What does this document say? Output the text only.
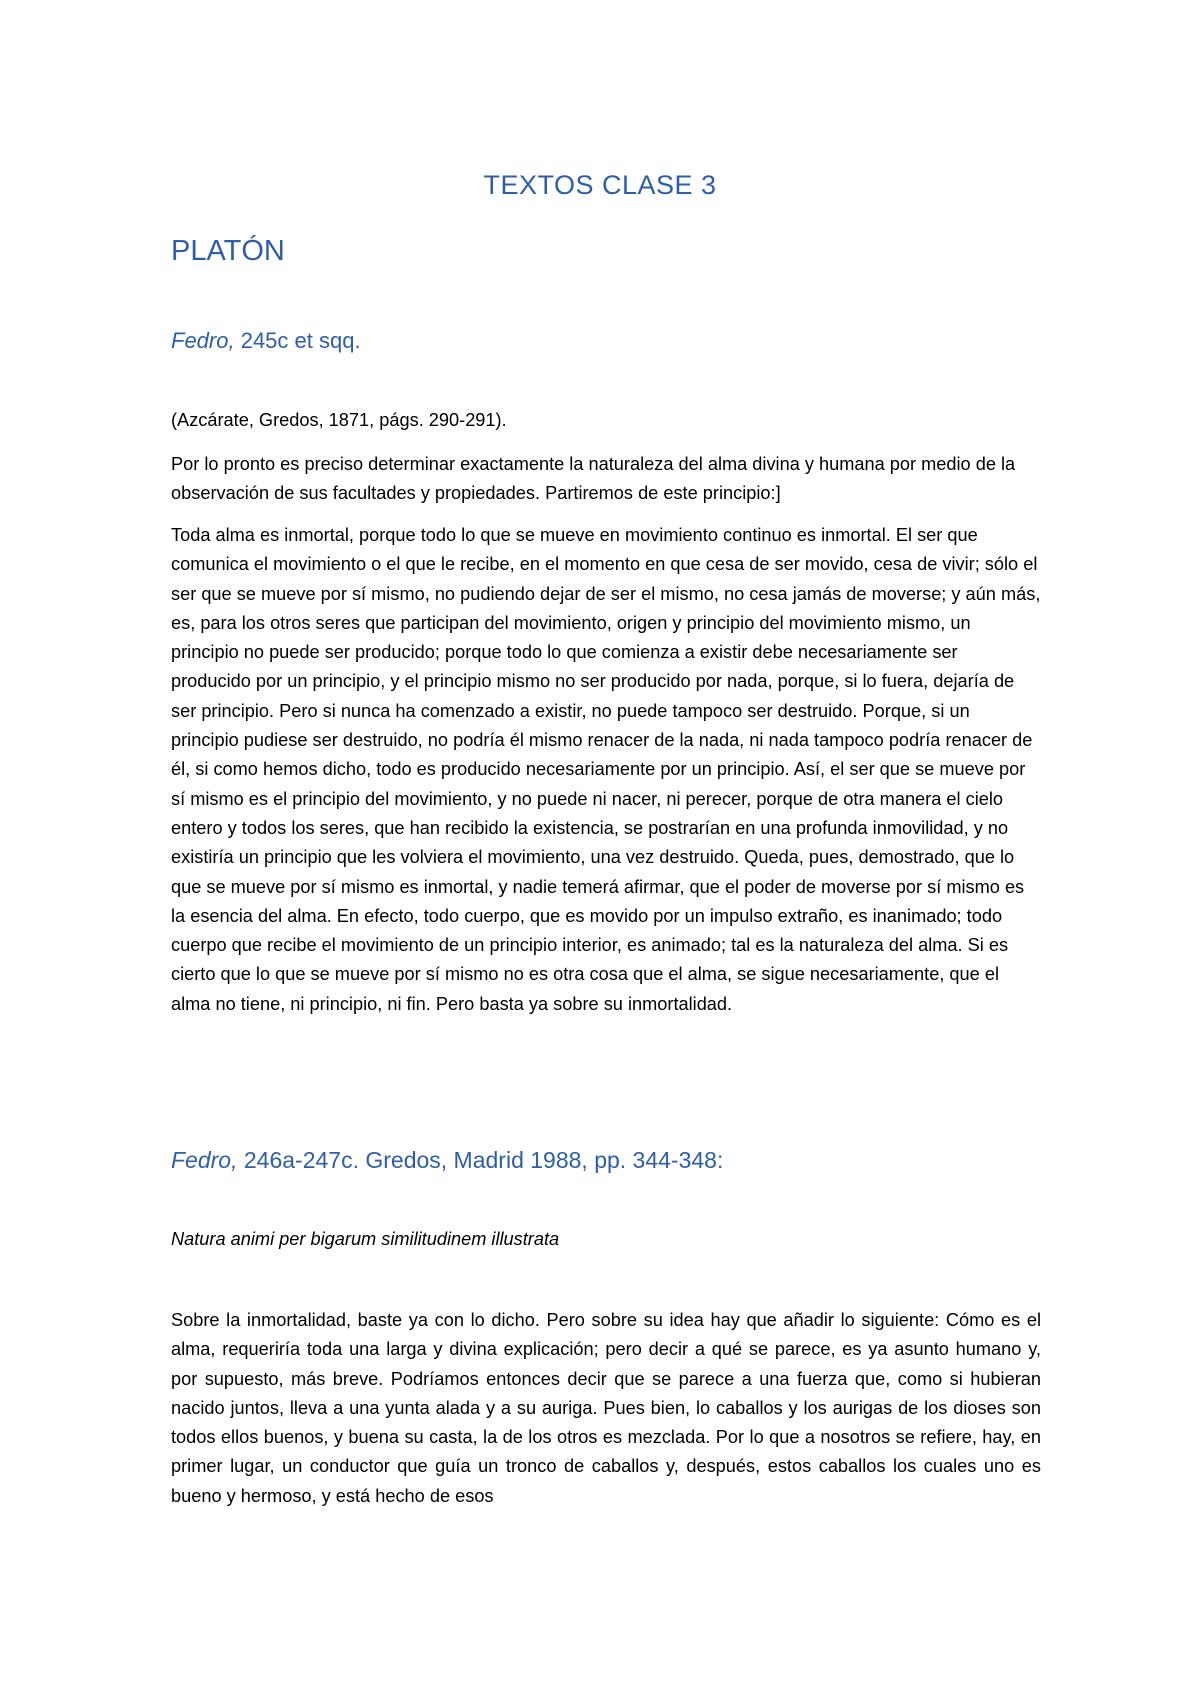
TEXTOS CLASE 3
PLATÓN
Fedro, 245c et sqq.

(Azcárate, Gredos, 1871, págs. 290-291).

Por lo pronto es preciso determinar exactamente la naturaleza del alma divina y humana por medio de la observación de sus facultades y propiedades. Partiremos de este principio:]

Toda alma es inmortal, porque todo lo que se mueve en movimiento continuo es inmortal. El ser que comunica el movimiento o el que le recibe, en el momento en que cesa de ser movido, cesa de vivir; sólo el ser que se mueve por sí mismo, no pudiendo dejar de ser el mismo, no cesa jamás de moverse; y aún más, es, para los otros seres que participan del movimiento, origen y principio del movimiento mismo, un principio no puede ser producido; porque todo lo que comienza a existir debe necesariamente ser producido por un principio, y el principio mismo no ser producido por nada, porque, si lo fuera, dejaría de ser principio. Pero si nunca ha comenzado a existir, no puede tampoco ser destruido. Porque, si un principio pudiese ser destruido, no podría él mismo renacer de la nada, ni nada tampoco podría renacer de él, si como hemos dicho, todo es producido necesariamente por un principio. Así, el ser que se mueve por sí mismo es el principio del movimiento, y no puede ni nacer, ni perecer, porque de otra manera el cielo entero y todos los seres, que han recibido la existencia, se postrarían en una profunda inmovilidad, y no existiría un principio que les volviera el movimiento, una vez destruido. Queda, pues, demostrado, que lo que se mueve por sí mismo es inmortal, y nadie temerá afirmar, que el poder de moverse por sí mismo es la esencia del alma. En efecto, todo cuerpo, que es movido por un impulso extraño, es inanimado; todo cuerpo que recibe el movimiento de un principio interior, es animado; tal es la naturaleza del alma. Si es cierto que lo que se mueve por sí mismo no es otra cosa que el alma, se sigue necesariamente, que el alma no tiene, ni principio, ni fin. Pero basta ya sobre su inmortalidad.

Fedro, 246a-247c. Gredos, Madrid 1988, pp. 344-348:

Natura animi per bigarum similitudinem illustrata

Sobre la inmortalidad, baste ya con lo dicho. Pero sobre su idea hay que añadir lo siguiente: Cómo es el alma, requeriría toda una larga y divina explicación; pero decir a qué se parece, es ya asunto humano y, por supuesto, más breve. Podríamos entonces decir que se parece a una fuerza que, como si hubieran nacido juntos, lleva a una yunta alada y a su auriga. Pues bien, lo caballos y los aurigas de los dioses son todos ellos buenos, y buena su casta, la de los otros es mezclada. Por lo que a nosotros se refiere, hay, en primer lugar, un conductor que guía un tronco de caballos y, después, estos caballos los cuales uno es bueno y hermoso, y está hecho de esos
